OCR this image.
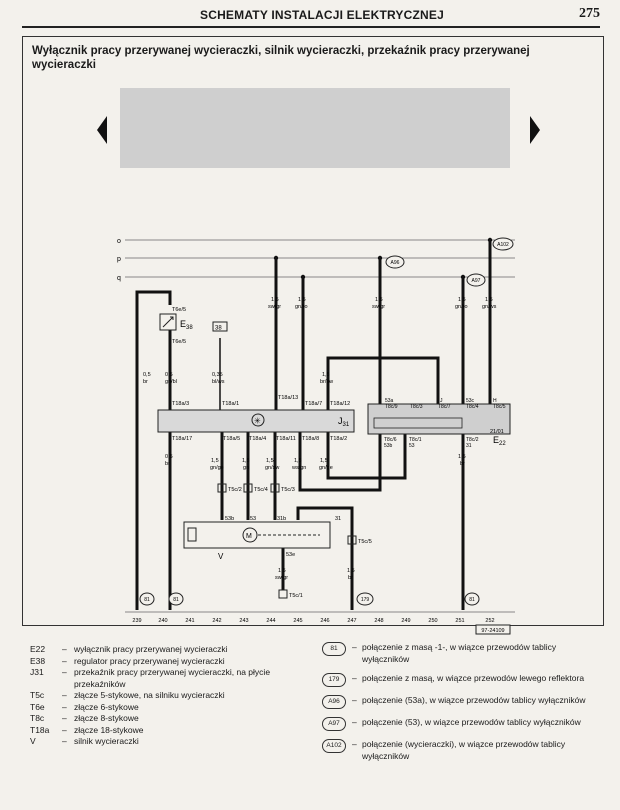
SCHEMATY INSTALACJI ELEKTRYCZNEJ	275
Wyłącznik pracy przerywanej wycieraczki, silnik wycieraczki, przekaźnik pracy przerywanej wycieraczki
o
p
q
$E_{38}$
T6e/5
T6e/5
38
✳	$J_{31}$
21/01
$E_{22}$
M
V
T5c/2 T5c/4 T5c/3
T5c/5
T5c/1
53b	53	31b	31
53e
T18a/3	T18a/1
T18a/13
T18a/7 T18a/12
T18a/17	T18a/5 T18a/4 T18a/11 T18a/8 T18a/2
53a
T8c/9 T8c/3
J
T8c/7
53c
T8c/4
H
T8c/5
T8c/6
53b
T8c/1
53
T8c/2
31
0,5
br
0,5
gn/bl
0,35
bl/ws
1,5
sw/gr
1,5
gn/ro
1,5
sw/gr
1,5
gn/ro
1,5
gn/ws
1,5
br/sw
0,5
br	1,5
gn/ge
1,5
gn
1,5
gn/sw
1,5
ws/gn
1,5
gn/ge
1,5
br
1,5
sw/gr
1,5
br
81	81	179	81
A96
A97
A102
239	240	241	242	243	244	245	246	247	248	249	250	251	252
97-24109
E22	– wyłącznik pracy przerywanej wycieraczki
E38	– regulator pracy przerywanej wycieraczki
J31	– przekaźnik pracy przerywanej wycieraczki, na płycie przekaźników
T5c	– złącze 5-stykowe, na silniku wycieraczki
T6e	– złącze 6-stykowe
T8c	– złącze 8-stykowe
T18a	– złącze 18-stykowe
V	– silnik wycieraczki
81	– połączenie z masą -1-, w wiązce przewodów tablicy wyłączników
179	– połączenie z masą, w wiązce przewodów lewego reflektora
A96	– połączenie (53a), w wiązce przewodów tablicy wyłączników
A97	– połączenie (53), w wiązce przewodów tablicy wyłączników
A102	– połączenie (wycieraczki), w wiązce przewodów tablicy wyłączników
